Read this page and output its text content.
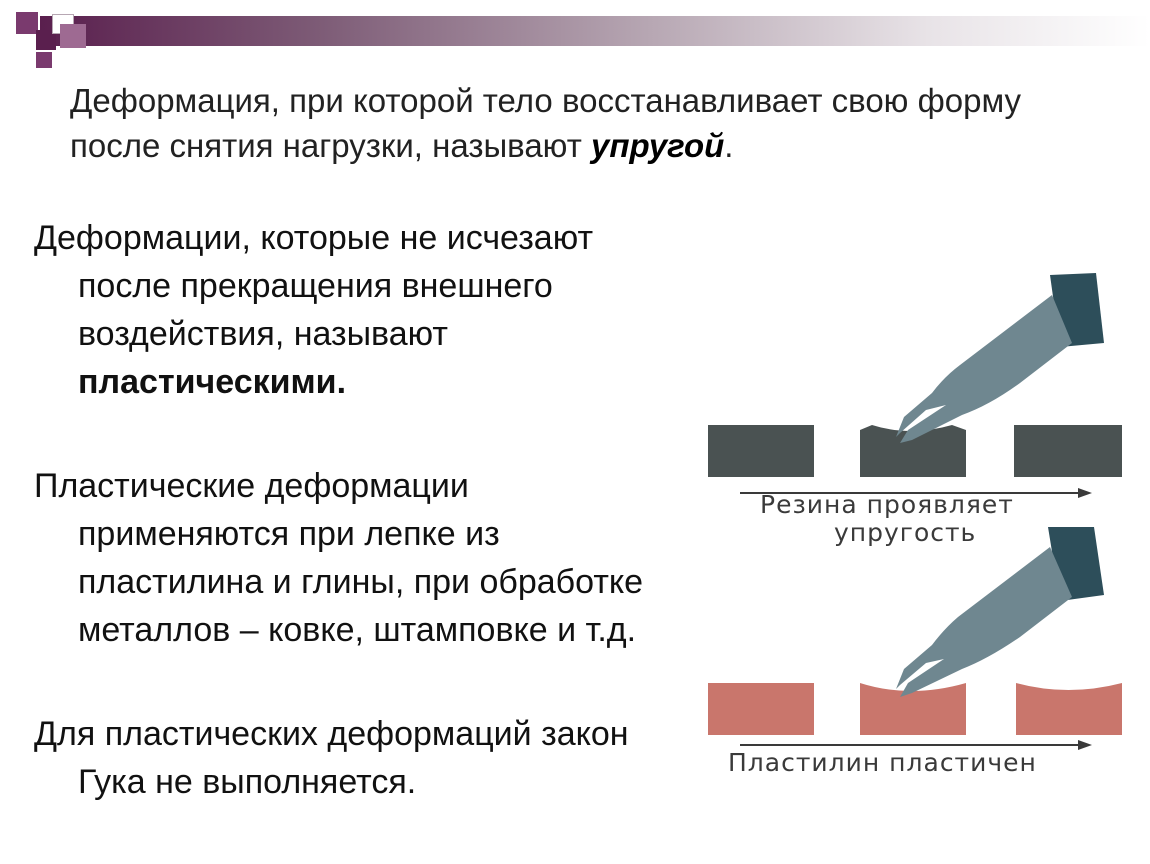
Деформация, при которой тело восстанавливает свою форму после снятия нагрузки, называют упругой.
Деформации, которые не исчезают после прекращения внешнего воздействия, называют пластическими.
Пластические деформации применяются при лепке из пластилина и глины, при обработке металлов – ковке, штамповке и т.д.
Для пластических деформаций закон Гука не выполняется.
Резина проявляет
упругость
Пластилин пластичен
